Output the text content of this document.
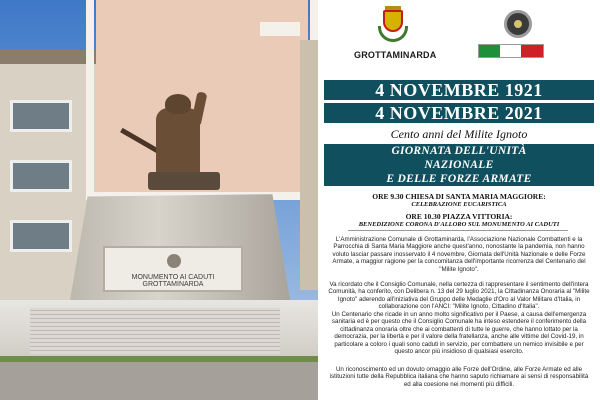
MONUMENTO AI CADUTI
GROTTAMINARDA
GROTTAMINARDA
4 NOVEMBRE 1921
4 NOVEMBRE 2021
Cento anni del Milite Ignoto
GIORNATA DELL'UNITÀ
NAZIONALE
E DELLE FORZE ARMATE
ORE 9.30 CHIESA DI SANTA MARIA MAGGIORE:
CELEBRAZIONE EUCARISTICA
ORE 10.30 PIAZZA VITTORIA:
BENEDIZIONE CORONA D'ALLORO SUL MONUMENTO AI CADUTI

L'Amministrazione Comunale di Grottaminarda, l'Associazione Nazionale Combattenti e la Parrocchia di Santa Maria Maggiore anche quest'anno, nonostante la pandemia, non hanno voluto lasciar passare inosservato il 4 novembre, Giornata dell'Unità Nazionale e delle Forze Armate, a maggior ragione per la concomitanza dell'importante ricorrenza del Centenario del "Milite Ignoto".

Va ricordato che il Consiglio Comunale, nella certezza di rappresentare il sentimento dell'intera Comunità, ha conferito, con Delibera n. 13 del 29 luglio 2021, la Cittadinanza Onoraria al "Milite Ignoto" aderendo all'iniziativa del Gruppo delle Medaglie d'Oro al Valor Militare d'Italia, in collaborazione con l'ANCI: "Milite Ignoto, Cittadino d'Italia".

Un Centenario che ricade in un anno molto significativo per il Paese, a causa dell'emergenza sanitaria ed è per questo che il Consiglio Comunale ha inteso estendere il conferimento della cittadinanza onoraria oltre che ai combattenti di tutte le guerre, che hanno lottato per la democrazia, per la libertà e per il valore della fratellanza, anche alle vittime del Covid-19, in particolare a coloro i quali sono caduti in servizio, per combattere un nemico invisibile e per questo ancor più insidioso di qualsiasi esercito.

Un riconoscimento ed un dovuto omaggio alle Forze dell'Ordine, alle Forze Armate ed alle istituzioni tutte della Repubblica italiana che hanno saputo richiamare ai sensi di responsabilità ed alla coesione nei momenti più difficili.
